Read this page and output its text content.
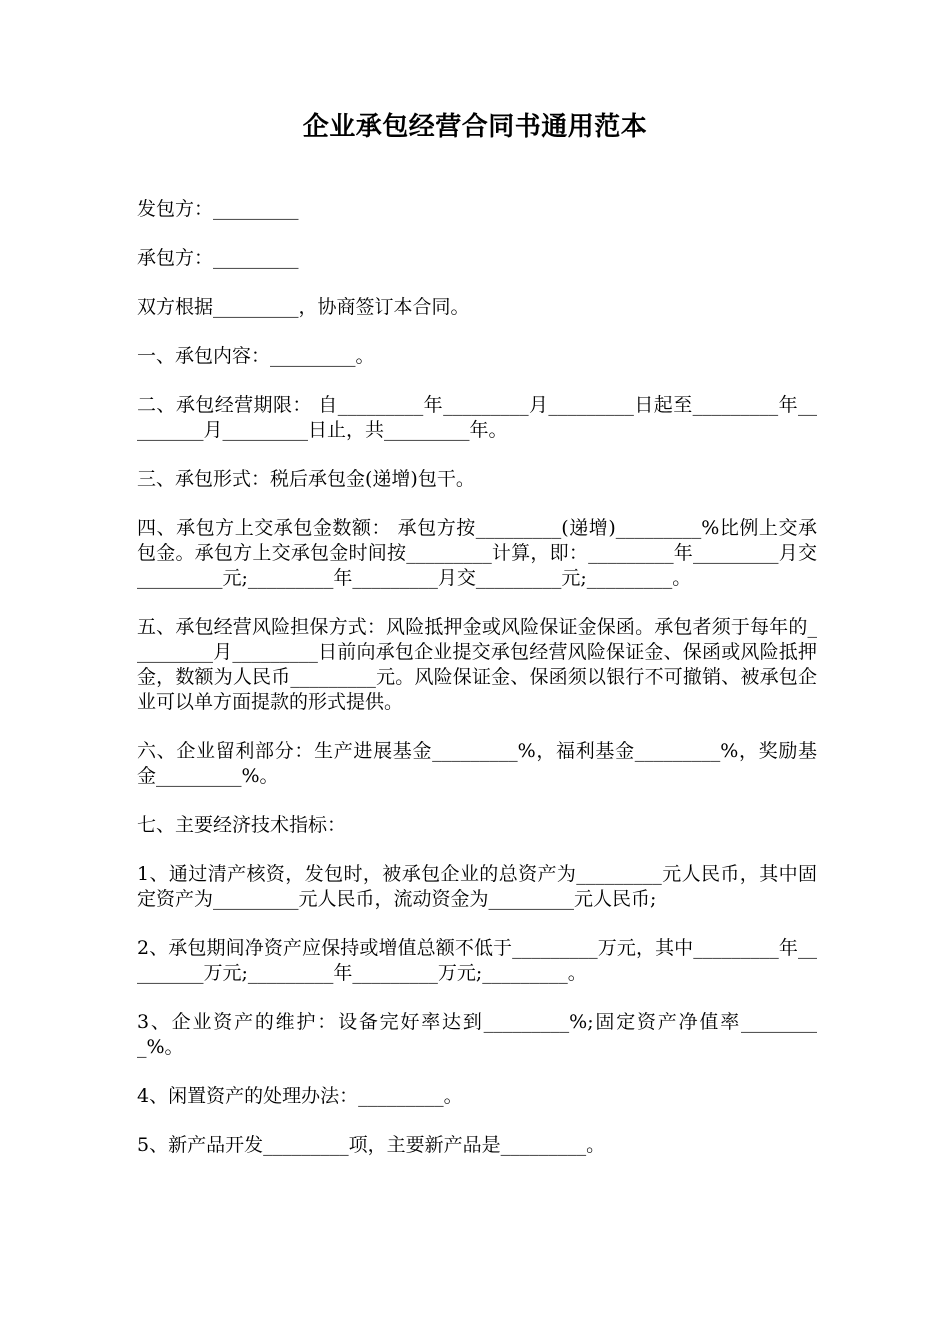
企业承包经营合同书通用范本

发包方：_________

承包方：_________

双方根据_________，协商签订本合同。

一、承包内容：_________。

二、承包经营期限： 自_________年_________月_________日起至_________年_________月_________日止，共_________年。

三、承包形式：税后承包金(递增)包干。

四、承包方上交承包金数额： 承包方按_________(递增)_________%比例上交承包金。承包方上交承包金时间按_________计算，即：_________年_________月交_________元;_________年_________月交_________元;_________。

五、承包经营风险担保方式：风险抵押金或风险保证金保函。承包者须于每年的_________月_________日前向承包企业提交承包经营风险保证金、保函或风险抵押金，数额为人民币_________元。风险保证金、保函须以银行不可撤销、被承包企业可以单方面提款的形式提供。

六、企业留利部分：生产进展基金_________%，福利基金_________%，奖励基金_________%。

七、主要经济技术指标：

1、通过清产核资，发包时，被承包企业的总资产为_________元人民币，其中固定资产为_________元人民币，流动资金为_________元人民币;

2、承包期间净资产应保持或增值总额不低于_________万元，其中_________年_________万元;_________年_________万元;_________。

3、企业资产的维护：设备完好率达到_________%;固定资产净值率_________%。

4、闲置资产的处理办法：_________。

5、新产品开发_________项，主要新产品是_________。
